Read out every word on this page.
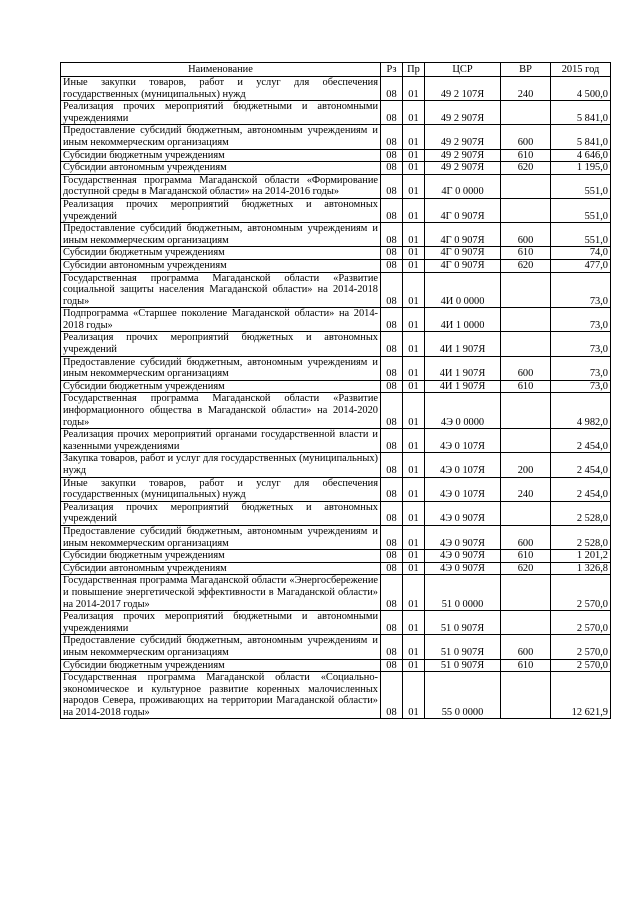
Наименование	Рз	Пр	ЦСР	ВР	2015 год
Иные закупки товаров, работ и услуг для обеспечения государственных (муниципальных) нужд	08	01	49 2 107Я	240	4 500,0
Реализация прочих мероприятий бюджетными и автономными учреждениями	08	01	49 2 907Я		5 841,0
Предоставление субсидий бюджетным, автономным учреждениям и иным некоммерческим организациям	08	01	49 2 907Я	600	5 841,0
Субсидии бюджетным учреждениям	08	01	49 2 907Я	610	4 646,0
Субсидии автономным учреждениям	08	01	49 2 907Я	620	1 195,0
Государственная программа Магаданской области «Формирование доступной среды в Магаданской области» на 2014-2016 годы»	08	01	4Г 0 0000		551,0
Реализация прочих мероприятий бюджетных и автономных учреждений	08	01	4Г 0 907Я		551,0
Предоставление субсидий бюджетным, автономным учреждениям и иным некоммерческим организациям	08	01	4Г 0 907Я	600	551,0
Субсидии бюджетным учреждениям	08	01	4Г 0 907Я	610	74,0
Субсидии автономным учреждениям	08	01	4Г 0 907Я	620	477,0
Государственная программа Магаданской области «Развитие социальной защиты населения Магаданской области» на 2014-2018 годы»	08	01	4И 0 0000		73,0
Подпрограмма «Старшее поколение Магаданской области» на 2014-2018 годы»	08	01	4И 1 0000		73,0
Реализация прочих мероприятий бюджетных и автономных учреждений	08	01	4И 1 907Я		73,0
Предоставление субсидий бюджетным, автономным учреждениям и иным некоммерческим организациям	08	01	4И 1 907Я	600	73,0
Субсидии бюджетным учреждениям	08	01	4И 1 907Я	610	73,0
Государственная программа Магаданской области «Развитие информационного общества в Магаданской области» на 2014-2020 годы»	08	01	4Э 0 0000		4 982,0
Реализация прочих мероприятий органами государственной власти и казенными учреждениями	08	01	4Э 0 107Я		2 454,0
Закупка товаров, работ и услуг для государственных (муниципальных) нужд	08	01	4Э 0 107Я	200	2 454,0
Иные закупки товаров, работ и услуг для обеспечения государственных (муниципальных) нужд	08	01	4Э 0 107Я	240	2 454,0
Реализация прочих мероприятий бюджетных и автономных учреждений	08	01	4Э 0 907Я		2 528,0
Предоставление субсидий бюджетным, автономным учреждениям и иным некоммерческим организациям	08	01	4Э 0 907Я	600	2 528,0
Субсидии бюджетным учреждениям	08	01	4Э 0 907Я	610	1 201,2
Субсидии автономным учреждениям	08	01	4Э 0 907Я	620	1 326,8
Государственная программа Магаданской области «Энергосбережение и повышение энергетической эффективности в Магаданской области» на 2014-2017 годы»	08	01	51 0 0000		2 570,0
Реализация прочих мероприятий бюджетными и автономными учреждениями	08	01	51 0 907Я		2 570,0
Предоставление субсидий бюджетным, автономным учреждениям и иным некоммерческим организациям	08	01	51 0 907Я	600	2 570,0
Субсидии бюджетным учреждениям	08	01	51 0 907Я	610	2 570,0
Государственная программа Магаданской области «Социально-экономическое и культурное развитие коренных малочисленных народов Севера, проживающих на территории Магаданской области» на 2014-2018 годы»	08	01	55 0 0000		12 621,9
